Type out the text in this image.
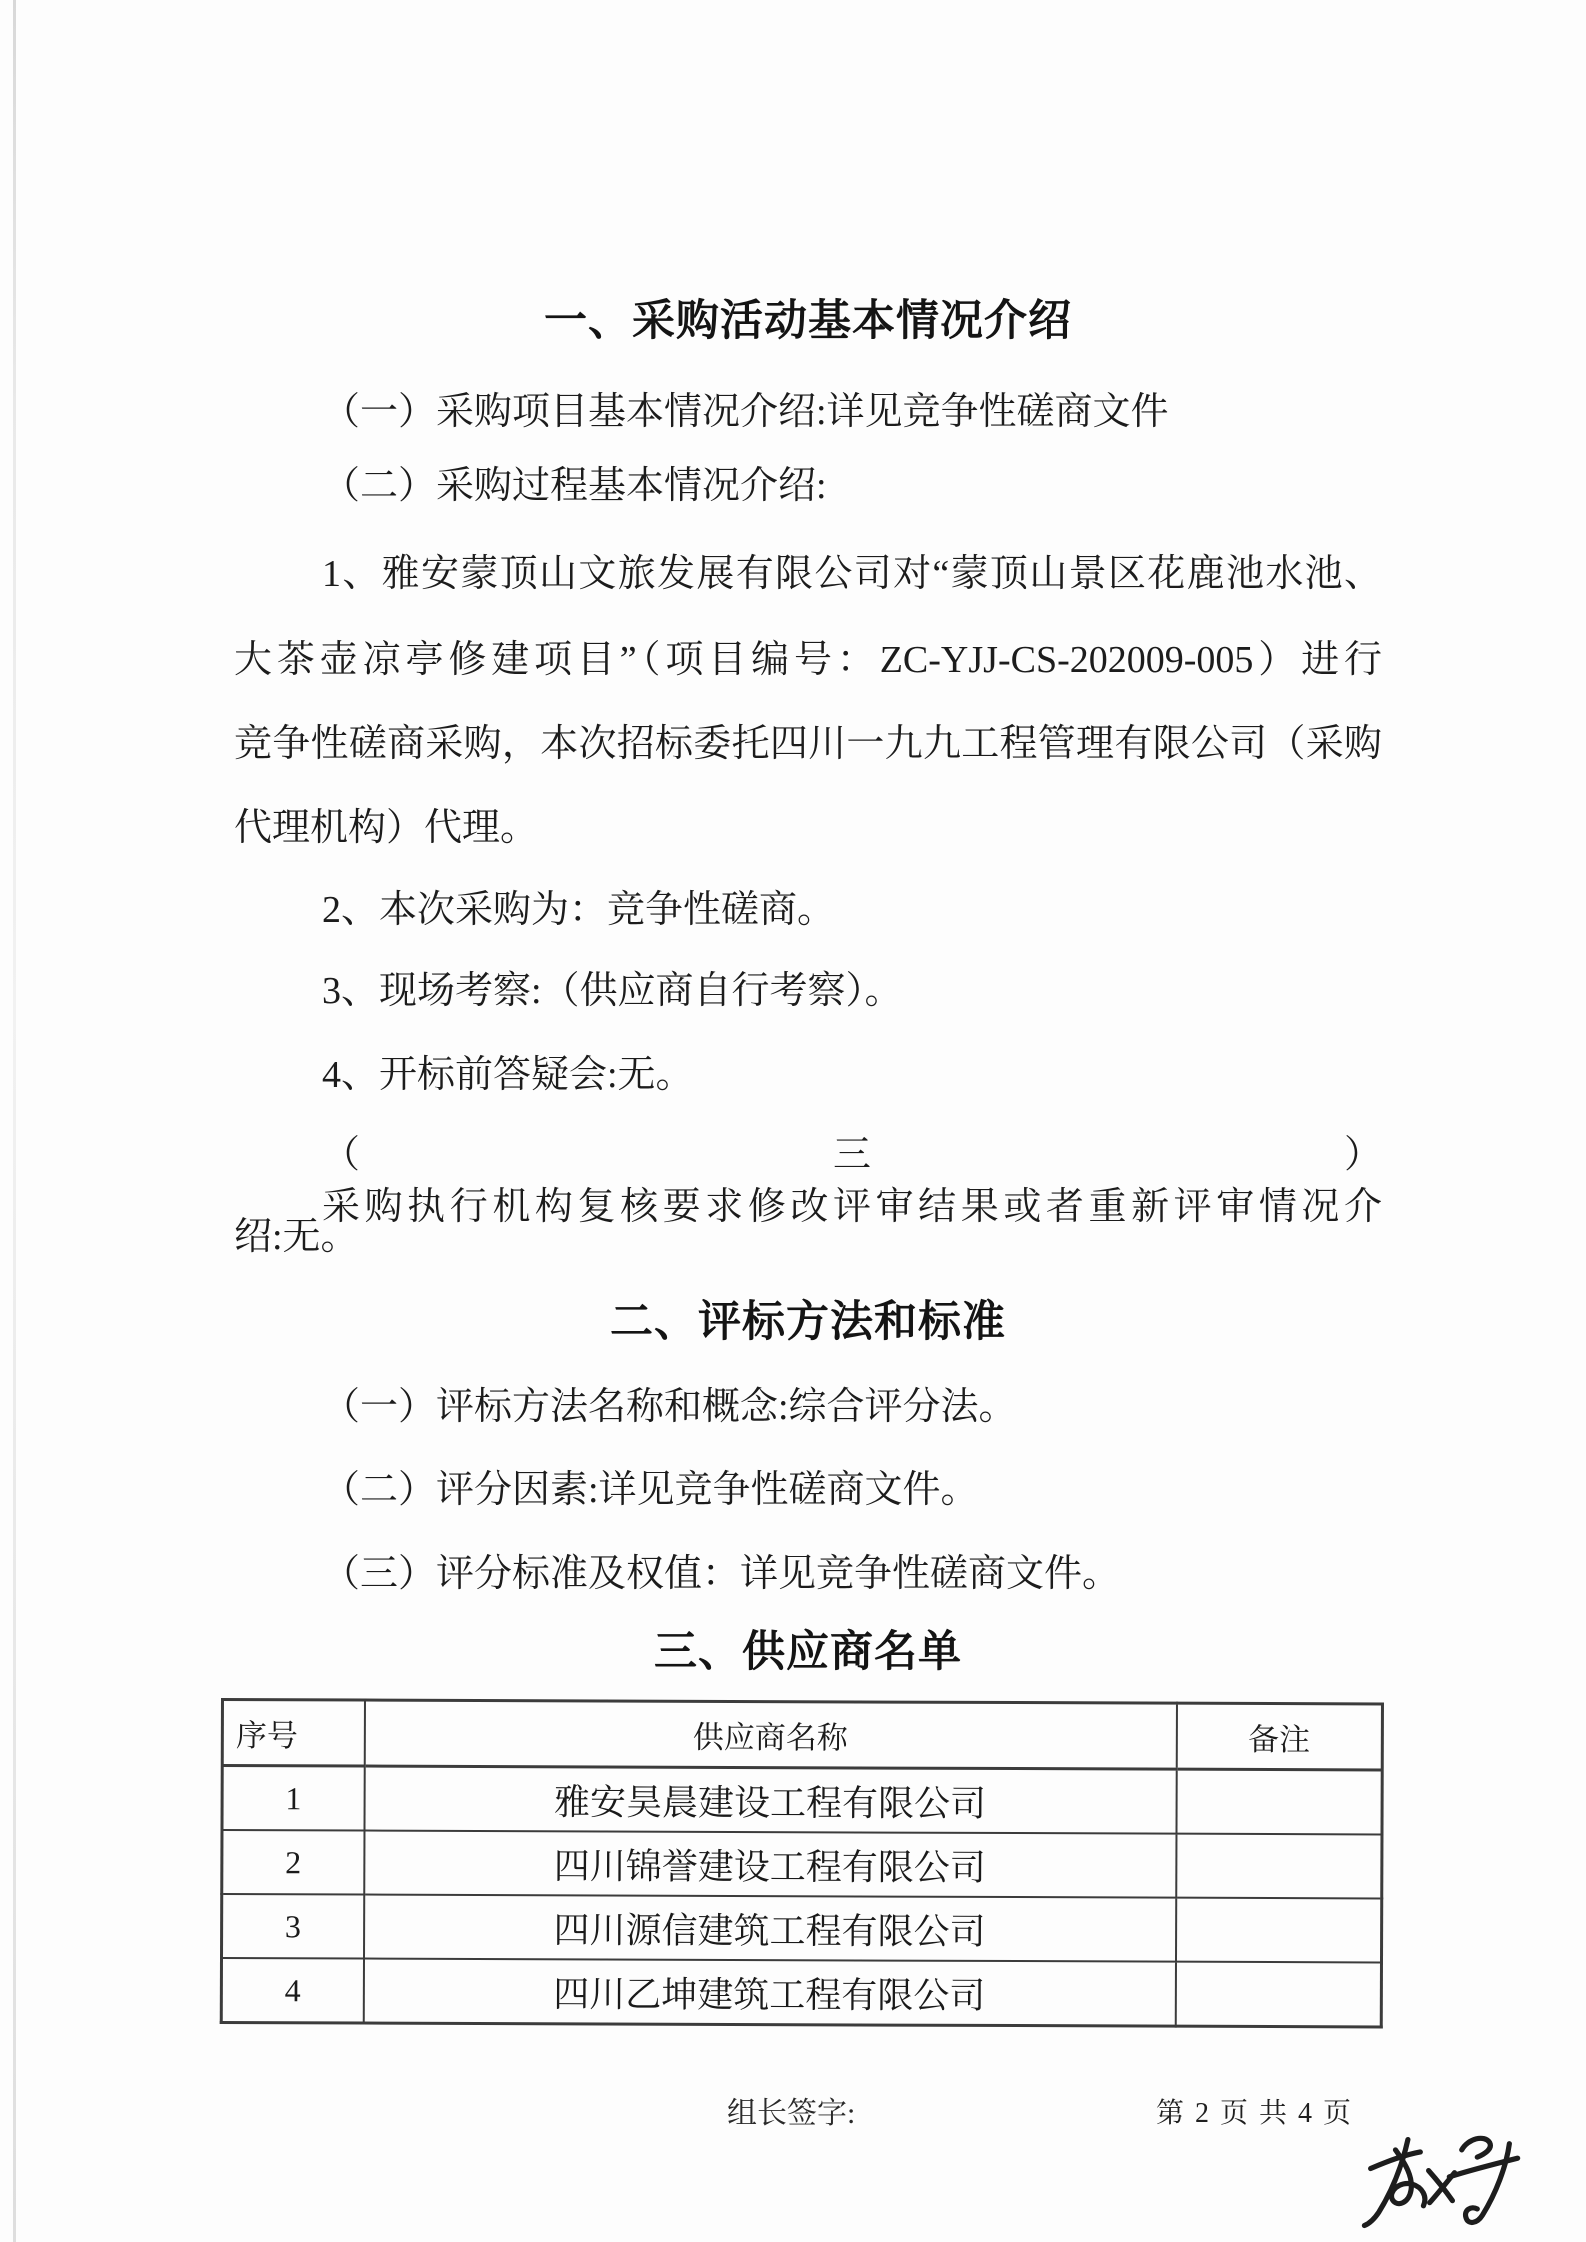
一、采购活动基本情况介绍

（一）采购项目基本情况介绍:详见竞争性磋商文件

（二）采购过程基本情况介绍:

1、雅安蒙顶山文旅发展有限公司对“蒙顶山景区花鹿池水池、

大茶壶凉亭修建项目”（项目编号：ZC-YJJ-CS-202009-005）进行

竞争性磋商采购，本次招标委托四川一九九工程管理有限公司（采购

代理机构）代理。

2、本次采购为：竞争性磋商。

3、现场考察:（供应商自行考察）。

4、开标前答疑会:无。

（三）采购执行机构复核要求修改评审结果或者重新评审情况介

绍:无。

二、评标方法和标准

（一）评标方法名称和概念:综合评分法。

（二）评分因素:详见竞争性磋商文件。

（三）评分标准及权值：详见竞争性磋商文件。

三、供应商名单
序号	供应商名称	备注
1	雅安昊晨建设工程有限公司	
2	四川锦誉建设工程有限公司	
3	四川源信建筑工程有限公司	
4	四川乙坤建筑工程有限公司	

组长签字:	第 2 页 共 4 页
